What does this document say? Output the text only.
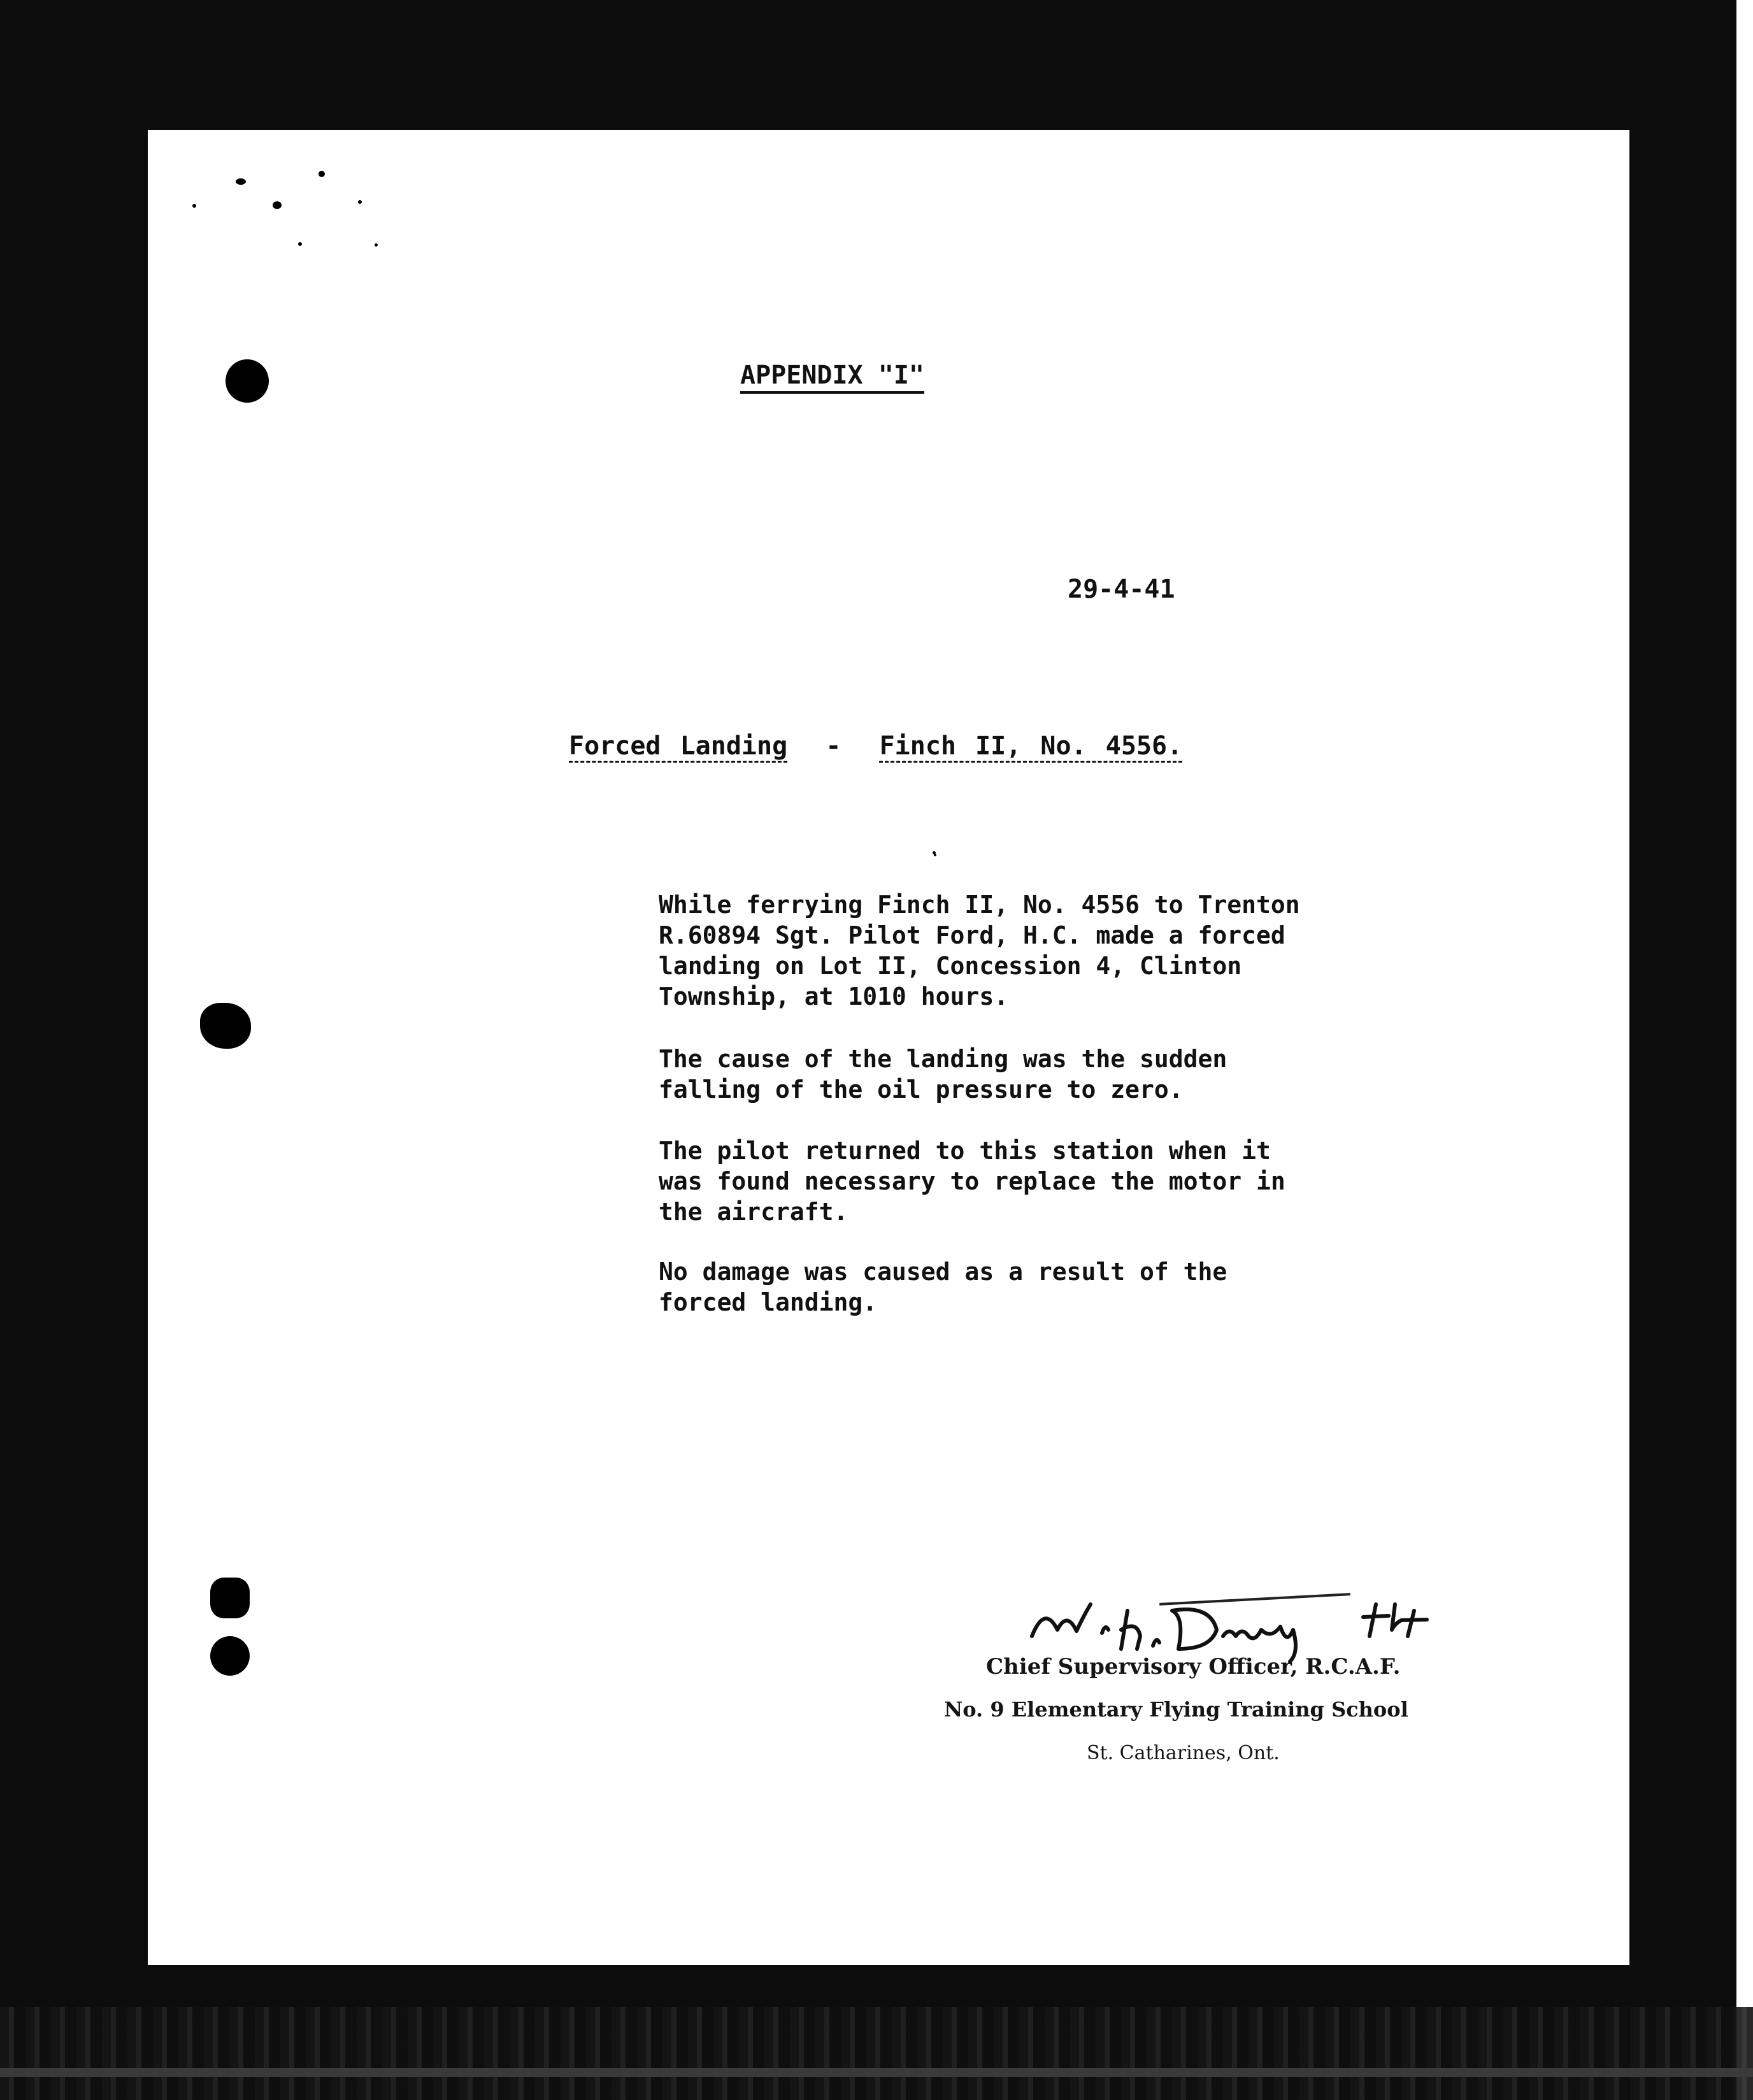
APPENDIX "I"

29-4-41

Forced Landing - Finch II, No. 4556.

While ferrying Finch II, No. 4556 to Trenton
R.60894 Sgt. Pilot Ford, H.C. made a forced
landing on Lot II, Concession 4, Clinton
Township, at 1010 hours.
The cause of the landing was the sudden
falling of the oil pressure to zero.
The pilot returned to this station when it
was found necessary to replace the motor in
the aircraft.
No damage was caused as a result of the
forced landing.

Chief Supervisory Officer, R.C.A.F.

No. 9 Elementary Flying Training School

St. Catharines, Ont.
